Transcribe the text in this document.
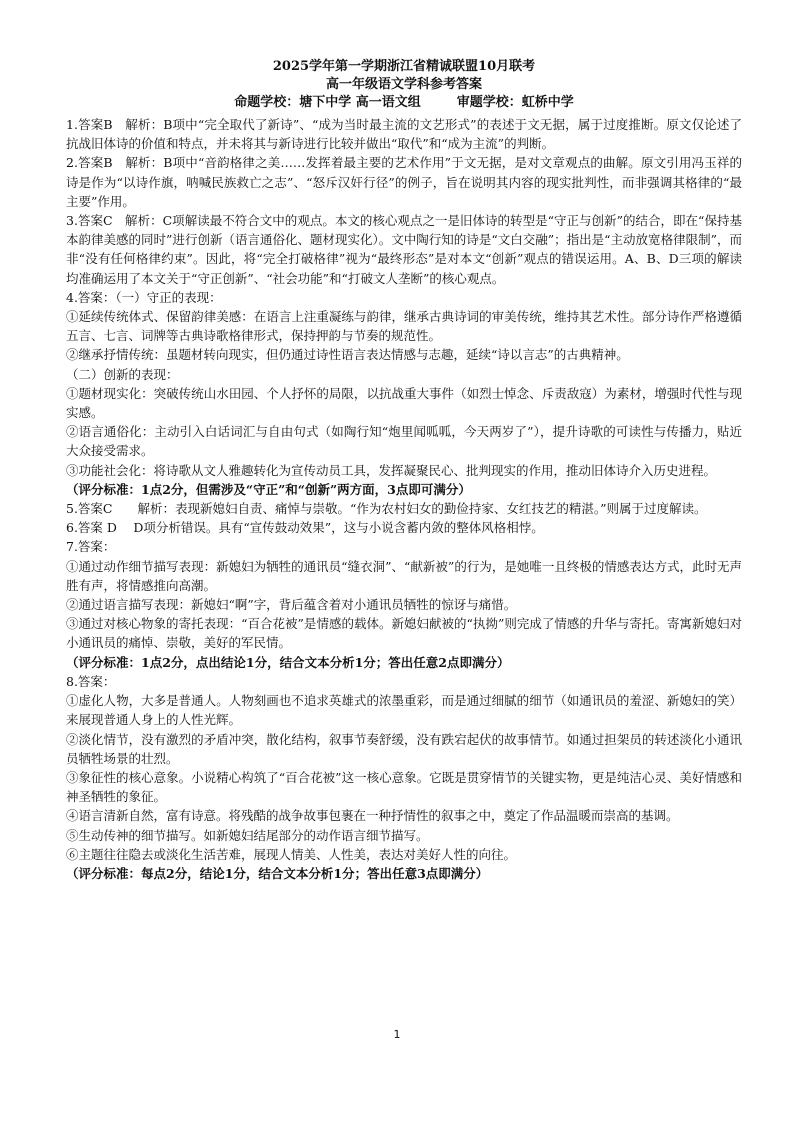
2025学年第一学期浙江省精诚联盟10月联考
高一年级语文学科参考答案
命题学校：塘下中学 高一语文组	审题学校：虹桥中学

1.答案B　解析：B项中“完全取代了新诗”、“成为当时最主流的文艺形式”的表述于文无据，属于过度推断。原文仅论述了抗战旧体诗的价值和特点，并未将其与新诗进行比较并做出“取代”和“成为主流”的判断。

2.答案B　解析：B项中“音韵格律之美……发挥着最主要的艺术作用”于文无据，是对文章观点的曲解。原文引用冯玉祥的诗是作为“以诗作旗，呐喊民族救亡之志”、“怒斥汉奸行径”的例子，旨在说明其内容的现实批判性，而非强调其格律的“最主要”作用。

3.答案C　解析：C项解读最不符合文中的观点。本文的核心观点之一是旧体诗的转型是“守正与创新”的结合，即在“保持基本韵律美感的同时”进行创新（语言通俗化、题材现实化）。文中陶行知的诗是“文白交融”；指出是“主动放宽格律限制”，而非“没有任何格律约束”。因此，将“完全打破格律”视为“最终形态”是对本文“创新”观点的错误运用。A、B、D三项的解读均准确运用了本文关于“守正创新”、“社会功能”和“打破文人垄断”的核心观点。

4.答案：（一）守正的表现：

①延续传统体式、保留韵律美感：在语言上注重凝练与韵律，继承古典诗词的审美传统，维持其艺术性。部分诗作严格遵循五言、七言、词牌等古典诗歌格律形式，保持押韵与节奏的规范性。

②继承抒情传统：虽题材转向现实，但仍通过诗性语言表达情感与志趣，延续“诗以言志”的古典精神。

（二）创新的表现：

①题材现实化：突破传统山水田园、个人抒怀的局限，以抗战重大事件（如烈士悼念、斥责敌寇）为素材，增强时代性与现实感。

②语言通俗化：主动引入白话词汇与自由句式（如陶行知“炮里闻呱呱，今天两岁了”），提升诗歌的可读性与传播力，贴近大众接受需求。

③功能社会化：将诗歌从文人雅趣转化为宣传动员工具，发挥凝聚民心、批判现实的作用，推动旧体诗介入历史进程。

（评分标准：1点2分，但需涉及“守正”和“创新”两方面，3点即可满分）

5.答案C　　解析：表现新媳妇自责、痛悼与崇敬。“作为农村妇女的勤俭持家、女红技艺的精湛。”则属于过度解读。

6.答案 D　 D项分析错误。具有“宣传鼓动效果”，这与小说含蓄内敛的整体风格相悖。

7.答案：

①通过动作细节描写表现：新媳妇为牺牲的通讯员“缝衣洞”、“献新被”的行为，是她唯一且终极的情感表达方式，此时无声胜有声，将情感推向高潮。

②通过语言描写表现：新媳妇“啊”字，背后蕴含着对小通讯员牺牲的惊讶与痛惜。

③通过对核心物象的寄托表现：“百合花被”是情感的载体。新媳妇献被的“执拗”则完成了情感的升华与寄托。寄寓新媳妇对小通讯员的痛悼、崇敬，美好的军民情。

（评分标准：1点2分，点出结论1分，结合文本分析1分；答出任意2点即满分）

8.答案：

①虚化人物，大多是普通人。人物刻画也不追求英雄式的浓墨重彩，而是通过细腻的细节（如通讯员的羞涩、新媳妇的笑）来展现普通人身上的人性光辉。

②淡化情节，没有激烈的矛盾冲突，散化结构，叙事节奏舒缓，没有跌宕起伏的故事情节。如通过担架员的转述淡化小通讯员牺牲场景的壮烈。

③象征性的核心意象。小说精心构筑了“百合花被”这一核心意象。它既是贯穿情节的关键实物，更是纯洁心灵、美好情感和神圣牺牲的象征。

④语言清新自然，富有诗意。将残酷的战争故事包裹在一种抒情性的叙事之中，奠定了作品温暖而崇高的基调。

⑤生动传神的细节描写。如新媳妇结尾部分的动作语言细节描写。

⑥主题往往隐去或淡化生活苦难，展现人情美、人性美，表达对美好人性的向往。

（评分标准：每点2分，结论1分，结合文本分析1分；答出任意3点即满分）

1
